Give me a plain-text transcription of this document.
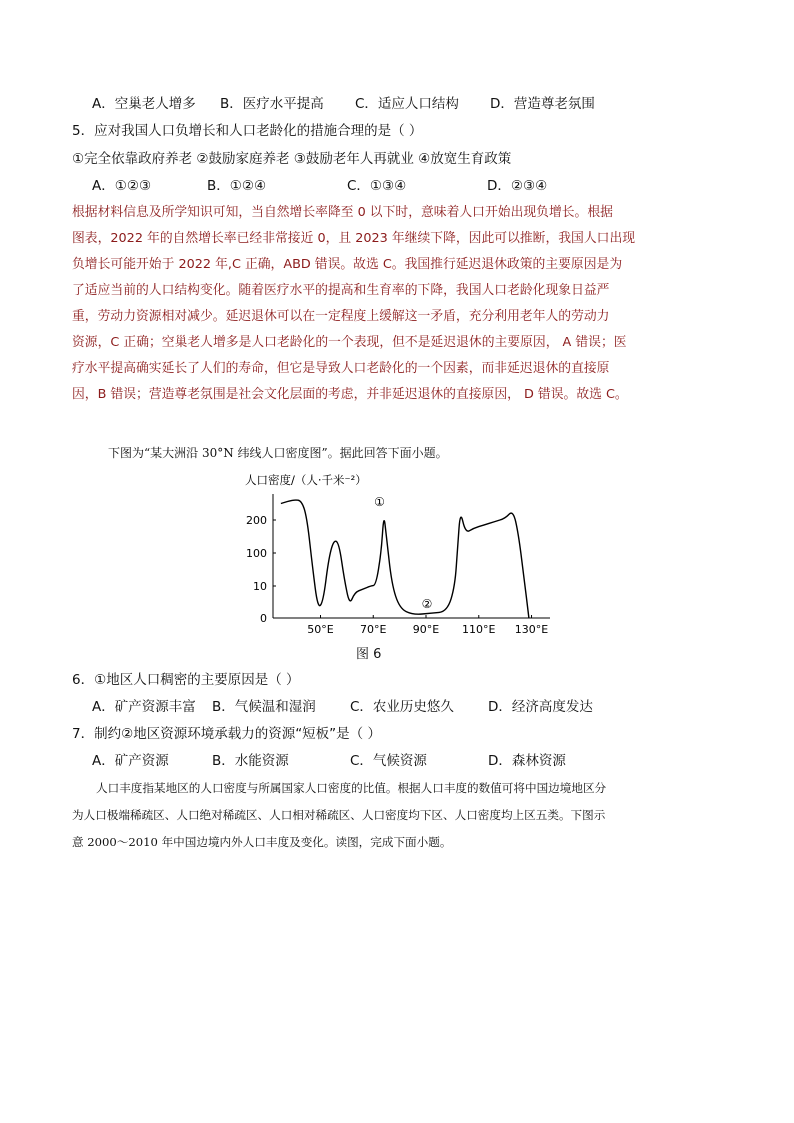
A．空巢老人增多 B．医疗水平提高 C．适应人口结构 D．营造尊老氛围
5．应对我国人口负增长和人口老龄化的措施合理的是（ ）
①完全依靠政府养老 ②鼓励家庭养老 ③鼓励老年人再就业 ④放宽生育政策
A．①②③	B．①②④	C．①③④	D．②③④
根据材料信息及所学知识可知，当自然增长率降至 0 以下时，意味着人口开始出现负增长。根据
图表，2022 年的自然增长率已经非常接近 0，且 2023 年继续下降，因此可以推断，我国人口出现
负增长可能开始于 2022 年,C 正确，ABD 错误。故选 C。我国推行延迟退休政策的主要原因是为
了适应当前的人口结构变化。随着医疗水平的提高和生育率的下降，我国人口老龄化现象日益严
重，劳动力资源相对减少。延迟退休可以在一定程度上缓解这一矛盾，充分利用老年人的劳动力
资源，C 正确；空巢老人增多是人口老龄化的一个表现，但不是延迟退休的主要原因， A 错误；医
疗水平提高确实延长了人们的寿命，但它是导致人口老龄化的一个因素，而非延迟退休的直接原
因，B 错误；营造尊老氛围是社会文化层面的考虑，并非延迟退休的直接原因， D 错误。故选 C。
下图为“某大洲沿 30°N 纬线人口密度图”。据此回答下面小题。
人口密度/（人·千米⁻²）
0
10
100
200
50°E 70°E 90°E 110°E 130°E
①
②
图 6
6．①地区人口稠密的主要原因是（ ）
A．矿产资源丰富 B．气候温和湿润	C．农业历史悠久	D．经济高度发达
7．制约②地区资源环境承载力的资源“短板”是（ ）
A．矿产资源	B．水能资源	C．气候资源	D．森林资源
人口丰度指某地区的人口密度与所属国家人口密度的比值。根据人口丰度的数值可将中国边境地区分
为人口极端稀疏区、人口绝对稀疏区、人口相对稀疏区、人口密度均下区、人口密度均上区五类。下图示
意 2000～2010 年中国边境内外人口丰度及变化。读图，完成下面小题。
